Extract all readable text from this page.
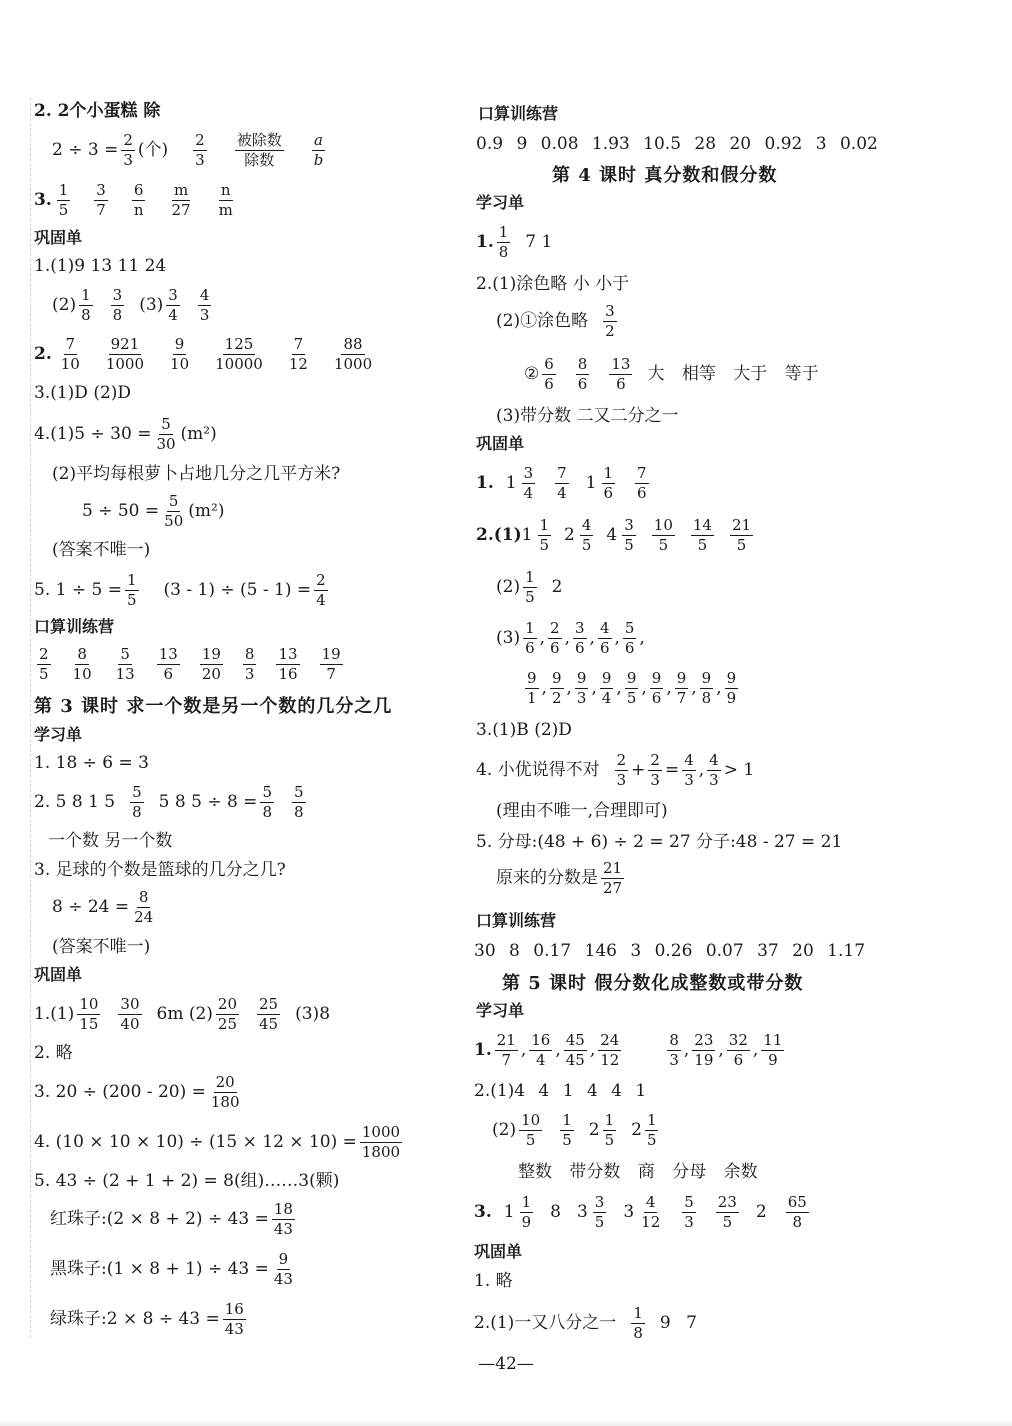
2. 2个小蛋糕 除
$2 \div 3 = \frac{2}{3}$ (个) 2
3
被除数
除数
a
b
3. $\frac{1}{5} \frac{3}{7} \frac{6}{n} \frac{m}{27} \frac{n}{m}$
巩固单
1.(1)9 13 11 24
(2) 1
8
3
8 (3) 3
4
4
3
2. $\frac{7}{10} \frac{921}{1000} \frac{9}{10} \frac{125}{10000} \frac{7}{12} \frac{88}{1000}$
3.(1)D (2)D
$4.(1)5 \div 30 = \frac{5}{30} (m^2)$
(2)平均每根萝卜占地几分之几平方米?
$5 \div 50 = \frac{5}{50} (m^2)$
(答案不唯一)
5. $1 \div 5 = \frac{1}{5} (3 - 1) \div (5 - 1) = \frac{2}{4}$
口算训练营
$\frac{2}{5} \frac{8}{10} \frac{5}{13} \frac{13}{6} \frac{19}{20} \frac{8}{3} \frac{13}{16} \frac{19}{7}$
第 3 课时 求一个数是另一个数的几分之几
学习单
1. 18 ÷ 6 = 3
2. 5 8 1 5 5
8 5 8 $5 \div 8 = \frac{5}{8} 5$
8
一个数 另一个数
3. 足球的个数是篮球的几分之几?
$8 \div 24 = \frac{8}{24}$
(答案不唯一)
巩固单
1.(1) 10
15
30
40 6m (2) 20
25
25
45 (3)8
2. 略
3. $20 \div (200 - 20) = \frac{20}{180}$
4. $(10 \times 10 \times 10) \div (15 \times 12 \times 10) = \frac{1000}{1800}$
5. 43 ÷ (2 + 1 + 2) = 8(组)……3(颗)
红珠子:(2 × $8 + 2) \div 43 = \frac{18}{43}$
黑珠子:(1 × $8 + 1) \div 43 = \frac{9}{43}$
绿珠子:2 × $8 \div 43 = \frac{16}{43}$
口算训练营
0.9 9 0.08 1.93 10.5 28 20 0.92 3 0.02
第 4 课时 真分数和假分数
学习单
1. 1
8 7 1
2.(1)涂色略 小 小于
(2)①涂色略 3
2
② $\frac{6}{6} \frac{8}{6} \frac{13}{6}$ 大 相等 大于 等于
(3)带分数 二又二分之一
巩固单
1. $1 \frac{3}{4} \frac{7}{4} 1 \frac{1}{6} \frac{7}{6}$
2.(1) $1 \frac{1}{5} 2 \frac{4}{5} 4 \frac{3}{5} \frac{10}{5} \frac{14}{5} \frac{21}{5}$
(2) 1
5 2
$(3) \frac{1}{6}$ , $\frac{2}{6}$ , $\frac{3}{6}$ , $\frac{4}{6}$ , $\frac{5}{6}$ ,
$\frac{9}{1}$ , $\frac{9}{2}$ , $\frac{9}{3}$ , $\frac{9}{4}$ , $\frac{9}{5}$ , $\frac{9}{6}$ , $\frac{9}{7}$ , $\frac{9}{8}$ , $\frac{9}{9}$
3.(1)B (2)D
4. 小优说得不对 2
$3 + \frac{2}{3} = \frac{4}{3}$ , 4
3 > 1
(理由不唯一,合理即可)
5. 分母:(48 + 6) ÷ 2 = 27 分子:48 - 27 = 21
原来的分数是 21
27
口算训练营
30 8 0.17 146 3 0.26 0.07 37 20 1.17
第 5 课时 假分数化成整数或带分数
学习单
1. $\frac{21}{7}$ , $\frac{16}{4}$ , $\frac{45}{45}$ , $\frac{24}{12}$	$\frac{8}{3}$ , $\frac{23}{19}$ , $\frac{32}{6}$ , $\frac{11}{9}$
2.(1)4 4 1 4 4 1
(2) 10
5
1
5 2 1
5 2 1
5
整数 带分数 商 分母 余数
3. $1 \frac{1}{9} 8$ $3 \frac{3}{5} 3 \frac{4}{12} \frac{5}{3} \frac{23}{5} 2 \frac{65}{8}$
巩固单
1. 略
2.(1)一又八分之一 1
8 9 7
—42—
